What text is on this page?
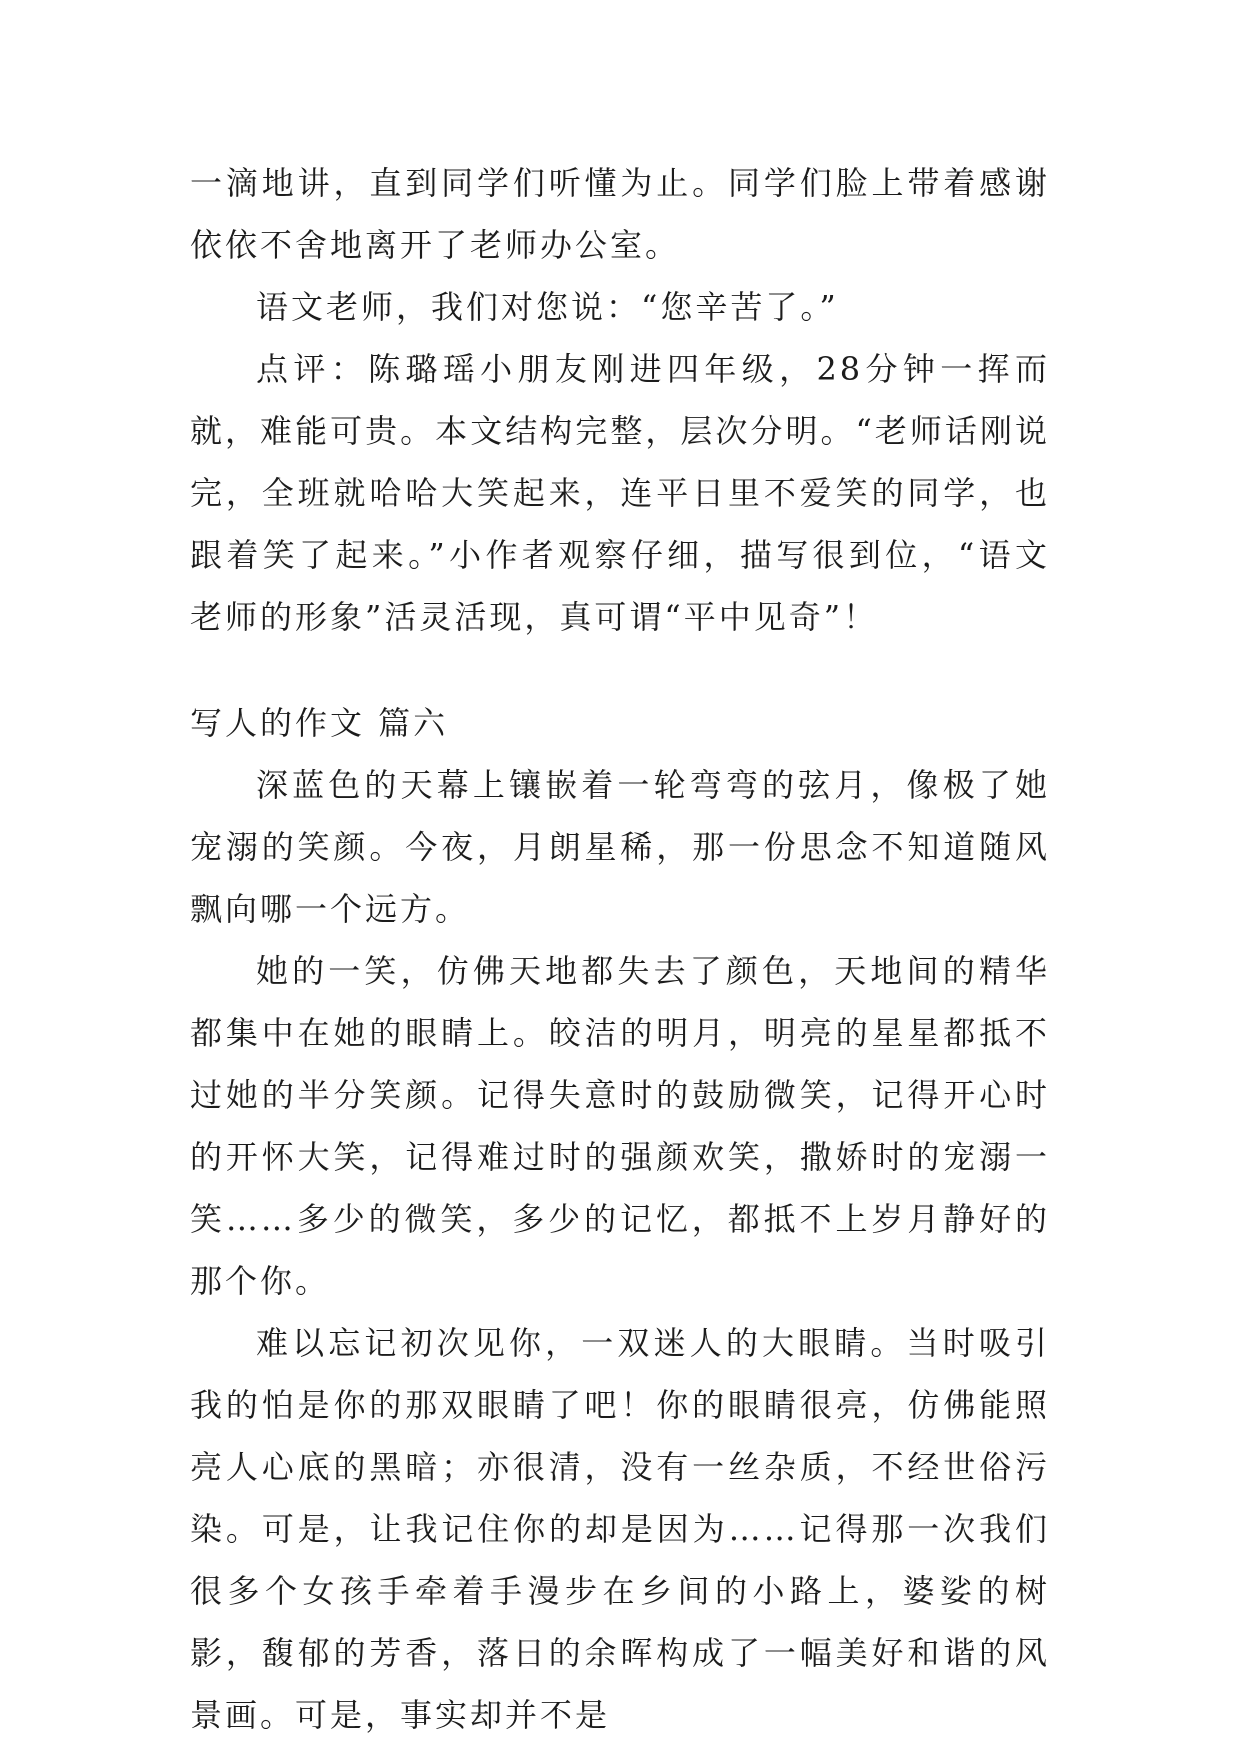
一滴地讲，直到同学们听懂为止。同学们脸上带着感谢依依不舍地离开了老师办公室。

语文老师，我们对您说：“您辛苦了。”

点评：陈璐瑶小朋友刚进四年级，28分钟一挥而就，难能可贵。本文结构完整，层次分明。“老师话刚说完，全班就哈哈大笑起来，连平日里不爱笑的同学，也跟着笑了起来。”小作者观察仔细，描写很到位，“语文老师的形象”活灵活现，真可谓“平中见奇”！

写人的作文 篇六

深蓝色的天幕上镶嵌着一轮弯弯的弦月，像极了她宠溺的笑颜。今夜，月朗星稀，那一份思念不知道随风飘向哪一个远方。

她的一笑，仿佛天地都失去了颜色，天地间的精华都集中在她的眼睛上。皎洁的明月，明亮的星星都抵不过她的半分笑颜。记得失意时的鼓励微笑，记得开心时的开怀大笑，记得难过时的强颜欢笑，撒娇时的宠溺一笑……多少的微笑，多少的记忆，都抵不上岁月静好的那个你。

难以忘记初次见你，一双迷人的大眼睛。当时吸引我的怕是你的那双眼睛了吧！你的眼睛很亮，仿佛能照亮人心底的黑暗；亦很清，没有一丝杂质，不经世俗污染。可是，让我记住你的却是因为……记得那一次我们很多个女孩手牵着手漫步在乡间的小路上，婆娑的树影，馥郁的芳香，落日的余晖构成了一幅美好和谐的风景画。可是，事实却并不是
